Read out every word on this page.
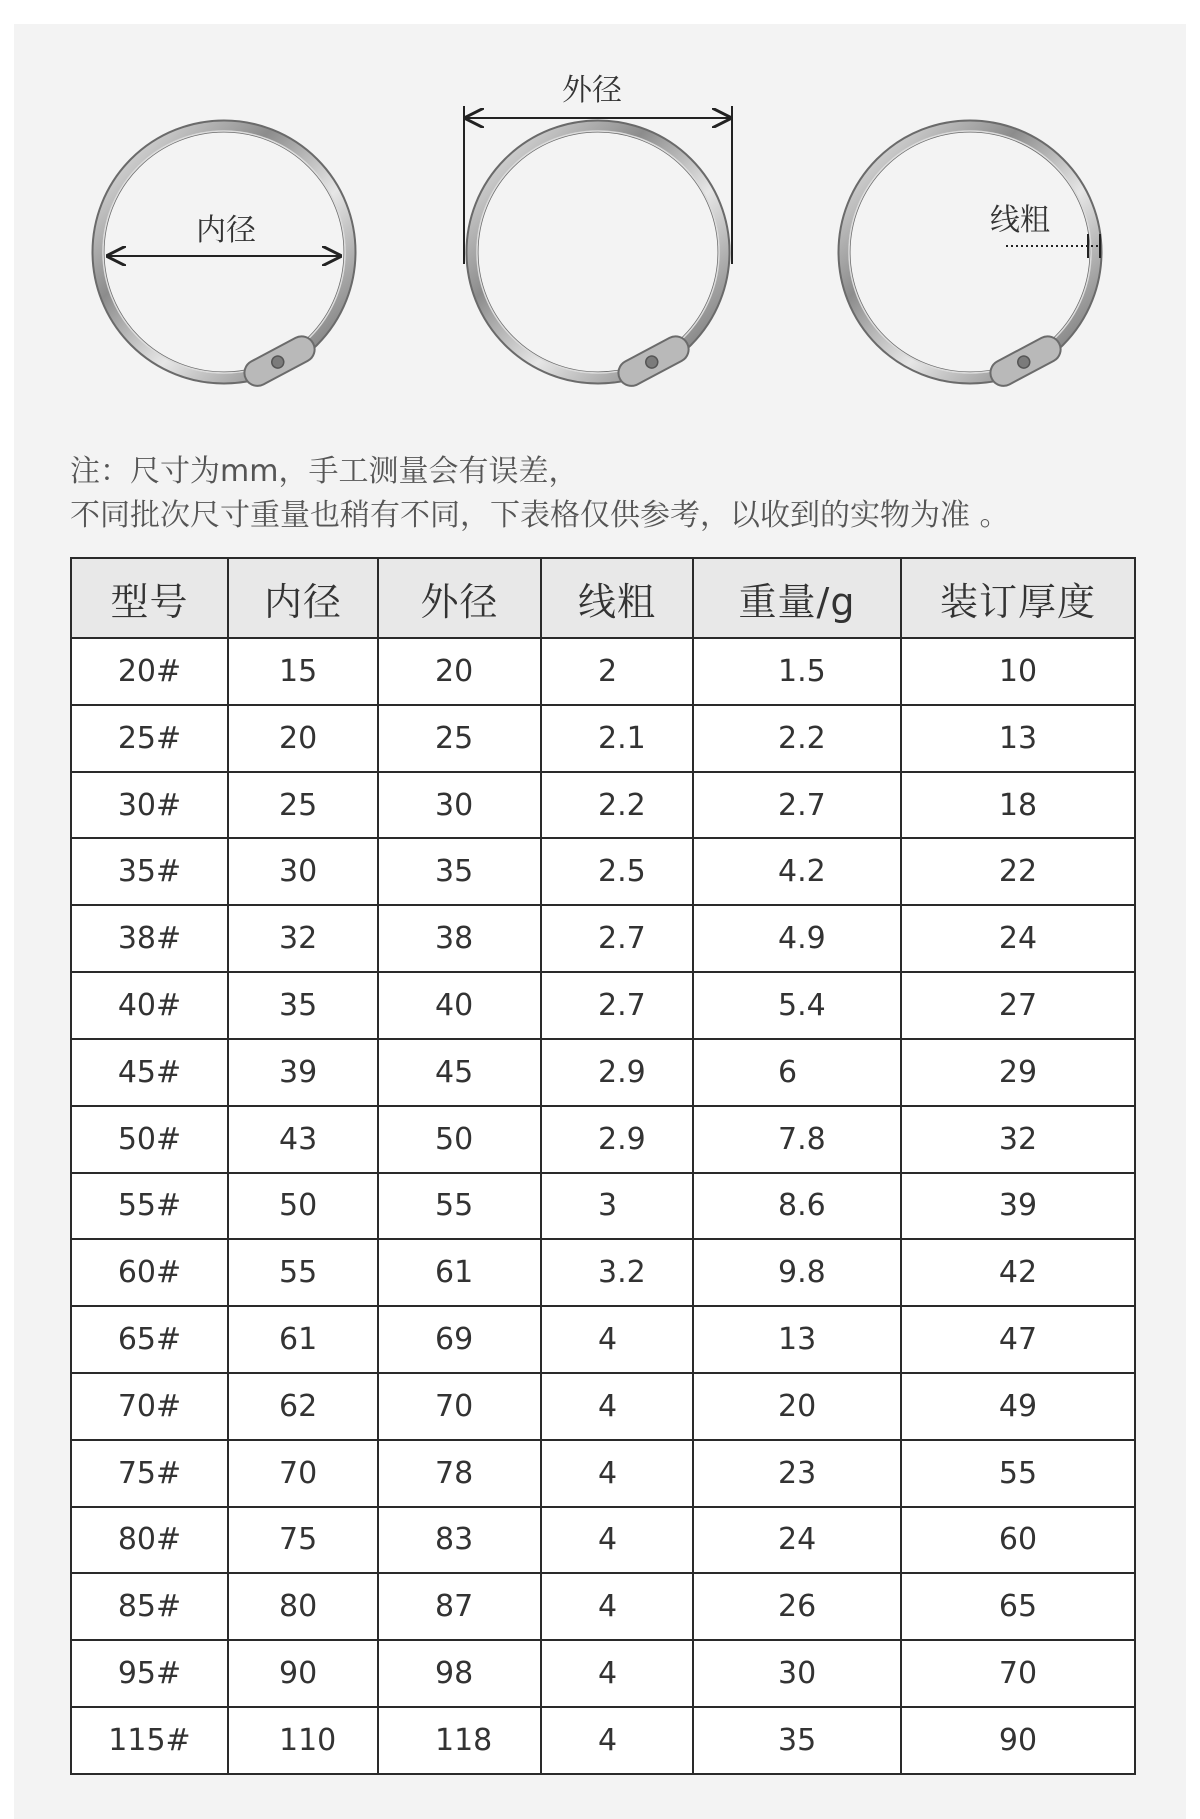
内径
外径
线粗
注：尺寸为mm，手工测量会有误差，
不同批次尺寸重量也稍有不同，下表格仅供参考，以收到的实物为准 。
型号	内径	外径	线粗	重量/g	装订厚度
20#	15	20	2	1.5	10
25#	20	25	2.1	2.2	13
30#	25	30	2.2	2.7	18
35#	30	35	2.5	4.2	22
38#	32	38	2.7	4.9	24
40#	35	40	2.7	5.4	27
45#	39	45	2.9	6	29
50#	43	50	2.9	7.8	32
55#	50	55	3	8.6	39
60#	55	61	3.2	9.8	42
65#	61	69	4	13	47
70#	62	70	4	20	49
75#	70	78	4	23	55
80#	75	83	4	24	60
85#	80	87	4	26	65
95#	90	98	4	30	70
115#	110	118	4	35	90
